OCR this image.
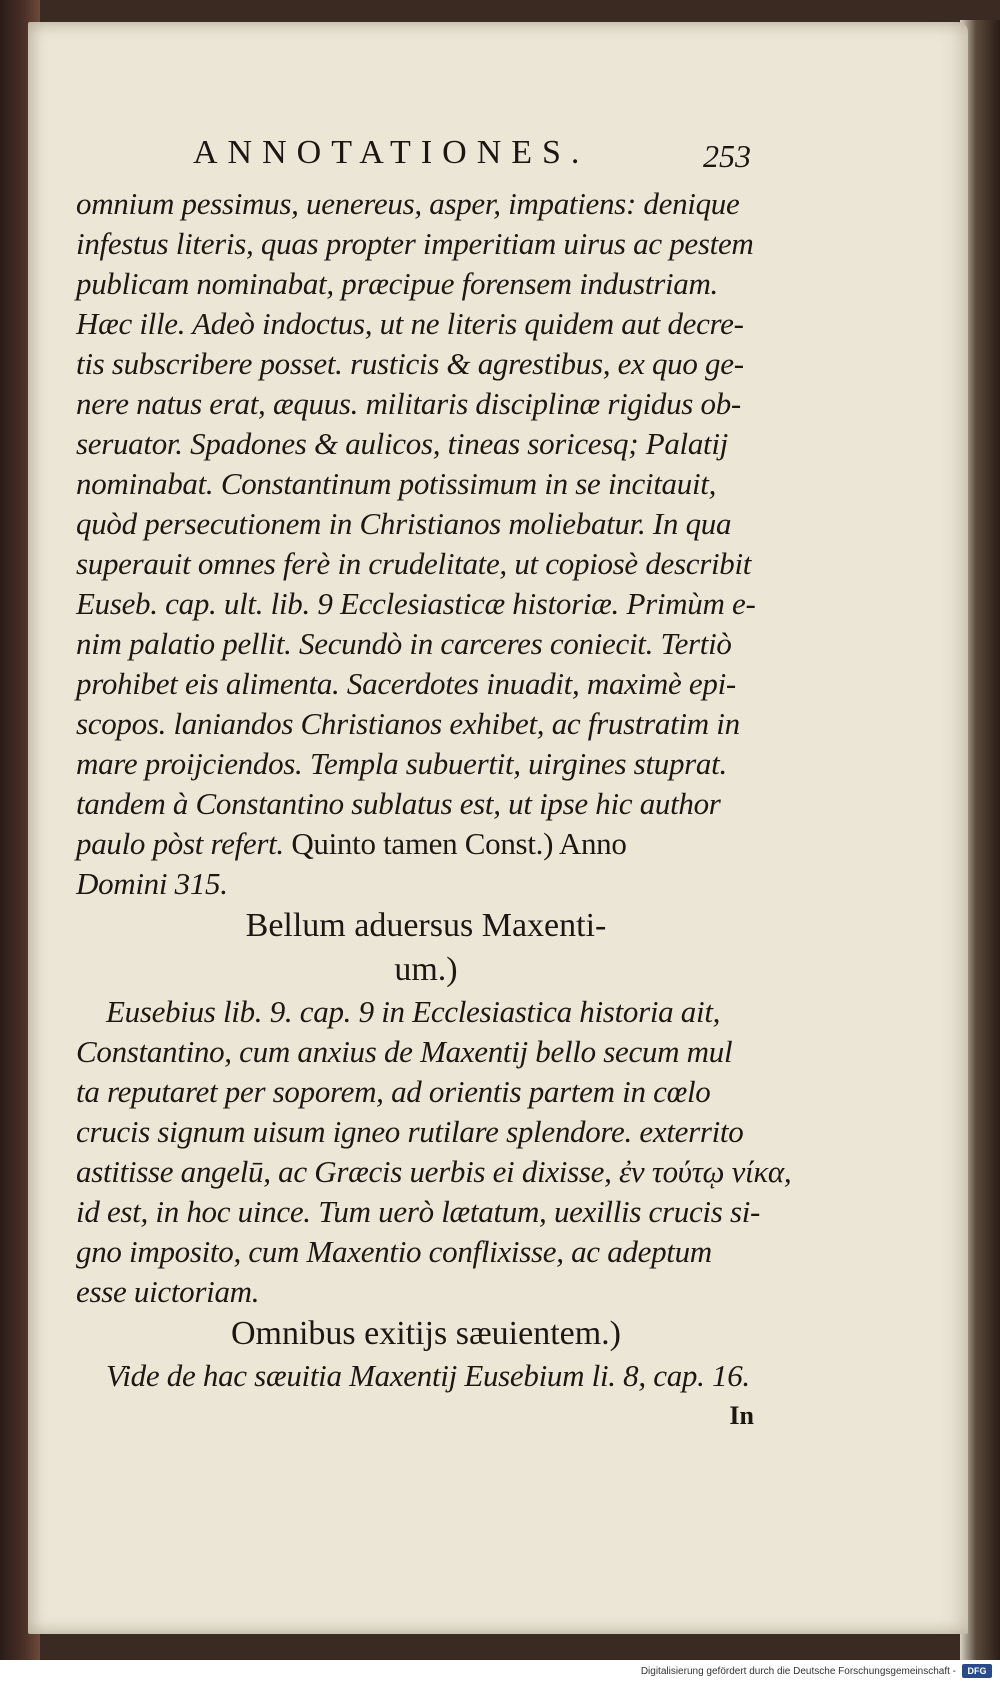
ANNOTATIONES.	253
omnium pessimus, uenereus, asper, impatiens: denique
infestus literis, quas propter imperitiam uirus ac pestem
publicam nominabat, præcipue forensem industriam.
Hæc ille. Adeò indoctus, ut ne literis quidem aut decre-
tis subscribere posset. rusticis & agrestibus, ex quo ge-
nere natus erat, æquus. militaris disciplinæ rigidus ob-
seruator. Spadones & aulicos, tineas soricesq; Palatij
nominabat. Constantinum potissimum in se incitauit,
quòd persecutionem in Christianos moliebatur. In qua
superauit omnes ferè in crudelitate, ut copiosè describit
Euseb. cap. ult. lib. 9 Ecclesiasticæ historiæ. Primùm e-
nim palatio pellit. Secundò in carceres coniecit. Tertiò
prohibet eis alimenta. Sacerdotes inuadit, maximè epi-
scopos. laniandos Christianos exhibet, ac frustratim in
mare proijciendos. Templa subuertit, uirgines stuprat.
tandem à Constantino sublatus est, ut ipse hic author
paulo pòst refert. Quinto tamen Const.) Anno
Domini 315.
Bellum aduersus Maxenti-
um.)
Eusebius lib. 9. cap. 9 in Ecclesiastica historia ait,
Constantino, cum anxius de Maxentij bello secum mul
ta reputaret per soporem, ad orientis partem in cœlo
crucis signum uisum igneo rutilare splendore. exterrito
astitisse angelū, ac Græcis uerbis ei dixisse, ἐν τούτῳ νίκα,
id est, in hoc uince. Tum uerò lætatum, uexillis crucis si-
gno imposito, cum Maxentio conflixisse, ac adeptum
esse uictoriam.
Omnibus exitijs sæuientem.)
Vide de hac sæuitia Maxentij Eusebium li. 8, cap. 16.
In
Digitalisierung gefördert durch die Deutsche Forschungsgemeinschaft -	DFG
